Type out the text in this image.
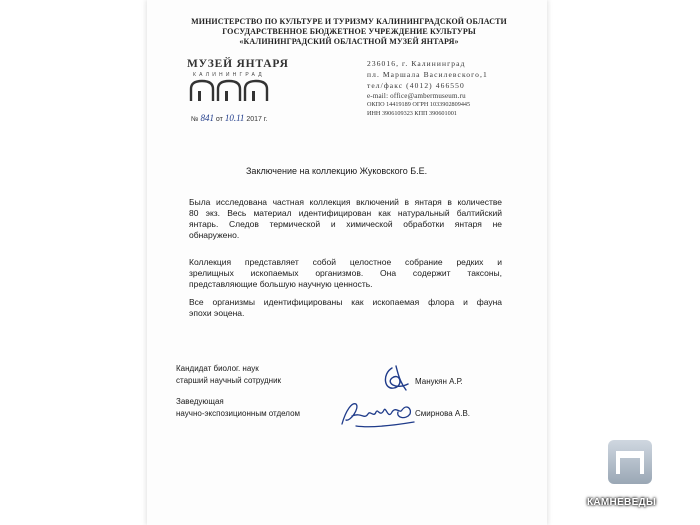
МИНИСТЕРСТВО ПО КУЛЬТУРЕ И ТУРИЗМУ КАЛИНИНГРАДСКОЙ ОБЛАСТИ
ГОСУДАРСТВЕННОЕ БЮДЖЕТНОЕ УЧРЕЖДЕНИЕ КУЛЬТУРЫ
«КАЛИНИНГРАДСКИЙ ОБЛАСТНОЙ МУЗЕЙ ЯНТАРЯ»
МУЗЕЙ ЯНТАРЯ
КАЛИНИНГРАД
№ 841 от 10.11 2017 г.
236016, г. Калининград
пл. Маршала Василевского,1
тел/факс (4012) 466550
e-mail: office@ambermuseum.ru
ОКПО 14419189 ОГРН 1033902809445
ИНН 3906109323 КПП 390601001
Заключение на коллекцию Жуковского Б.Е.
Была исследована частная коллекция включений в янтаря в количестве
80 экз. Весь материал идентифицирован как натуральный балтийский
янтарь. Следов термической и химической обработки янтаря не
обнаружено.
Коллекция представляет собой целостное собрание редких и
зрелищных ископаемых организмов. Она содержит таксоны,
представляющие большую научную ценность.
Все организмы идентифицированы как ископаемая флора и фауна
эпохи эоцена.
Кандидат биолог. наук
старший научный сотрудник	Манукян А.Р.
Заведующая
научно-экспозиционным отделом	Смирнова А.В.
КАМНЕВЕДЫ
